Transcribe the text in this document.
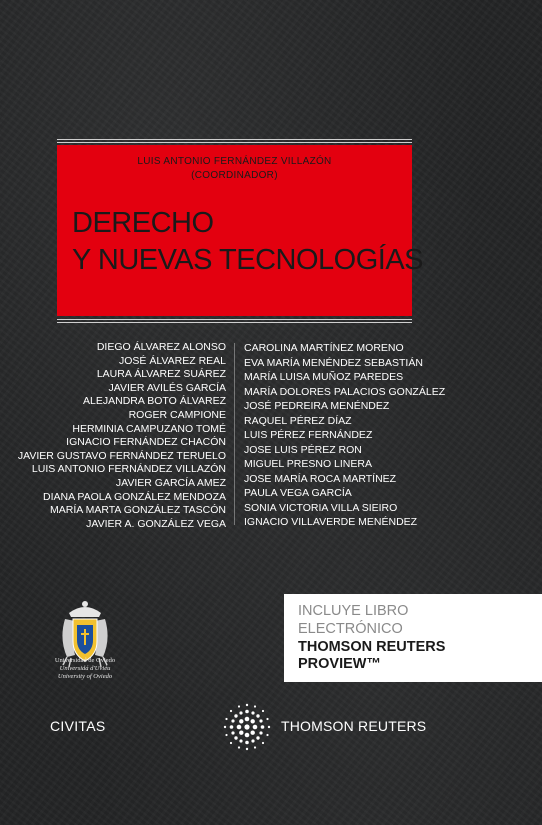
LUIS ANTONIO FERNÁNDEZ VILLAZÓN
(COORDINADOR)
DERECHO
Y NUEVAS TECNOLOGÍAS
DIEGO ÁLVAREZ ALONSO
JOSÉ ÁLVAREZ REAL
LAURA ÁLVAREZ SUÁREZ
JAVIER AVILÉS GARCÍA
ALEJANDRA BOTO ÁLVAREZ
ROGER CAMPIONE
HERMINIA CAMPUZANO TOMÉ
IGNACIO FERNÁNDEZ CHACÓN
JAVIER GUSTAVO FERNÁNDEZ TERUELO
LUIS ANTONIO FERNÁNDEZ VILLAZÓN
JAVIER GARCÍA AMEZ
DIANA PAOLA GONZÁLEZ MENDOZA
MARÍA MARTA GONZÁLEZ TASCÓN
JAVIER A. GONZÁLEZ VEGA
CAROLINA MARTÍNEZ MORENO
EVA MARÍA MENÉNDEZ SEBASTIÁN
MARÍA LUISA MUÑOZ PAREDES
MARÍA DOLORES PALACIOS GONZÁLEZ
JOSÉ PEDREIRA MENÉNDEZ
RAQUEL PÉREZ DÍAZ
LUIS PÉREZ FERNÁNDEZ
JOSE LUIS PÉREZ RON
MIGUEL PRESNO LINERA
JOSE MARÍA ROCA MARTÍNEZ
PAULA VEGA GARCÍA
SONIA VICTORIA VILLA SIEIRO
IGNACIO VILLAVERDE MENÉNDEZ
Universidad de Oviedo
Universidá d'Uviéu
University of Oviedo
INCLUYE LIBRO
ELECTRÓNICO
THOMSON REUTERS
PROVIEW™
CIVITAS	THOMSON REUTERS
